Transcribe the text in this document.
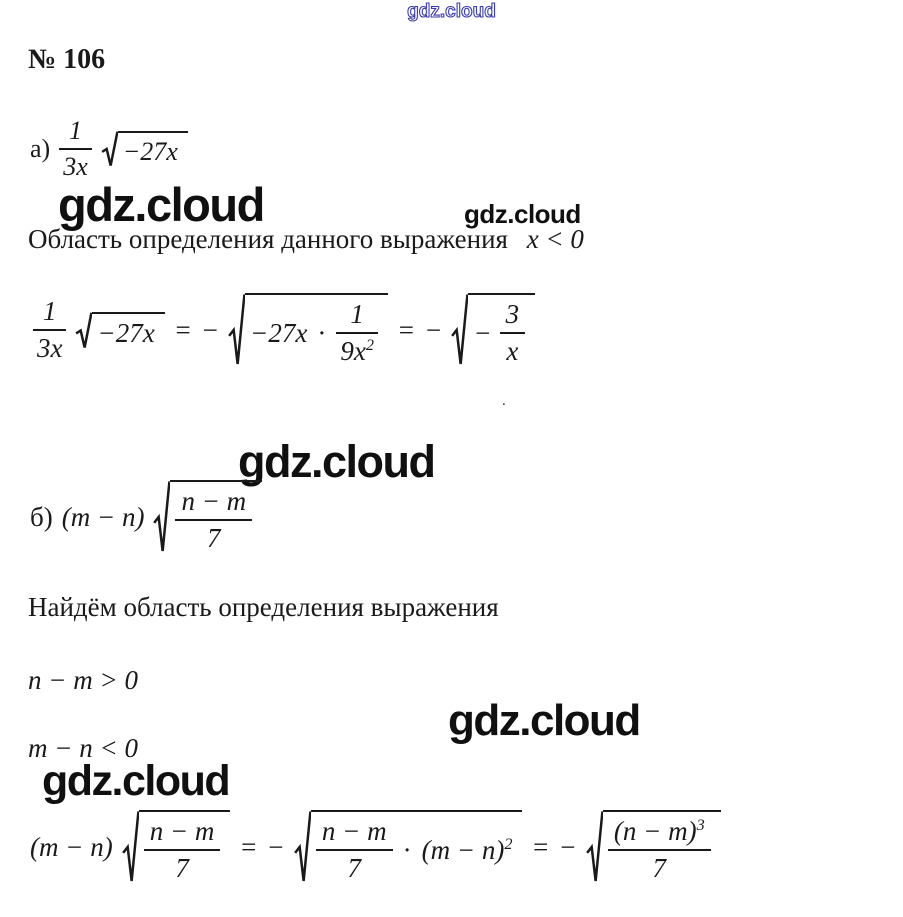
gdz.cloud
№ 106
$а) \frac{1}{3x} -27x$
gdz.cloud	gdz.cloud
Область определения данного выражения x < 0
$\frac{1}{3x} -27x$ = − $-27x \cdot \frac{1}{9x^2}$ = − − $\frac{3}{x}$
.
gdz.cloud
б) $(m - n) \frac{n - m}{7}$
Найдём область определения выражения
n − m > 0
m − n < 0
gdz.cloud
gdz.cloud
$(m - n) \frac{n - m}{7}$ = − $\frac{n - m}{7} \cdot (m - n)^2$ = − $\frac{(n - m)^3}{7}$
